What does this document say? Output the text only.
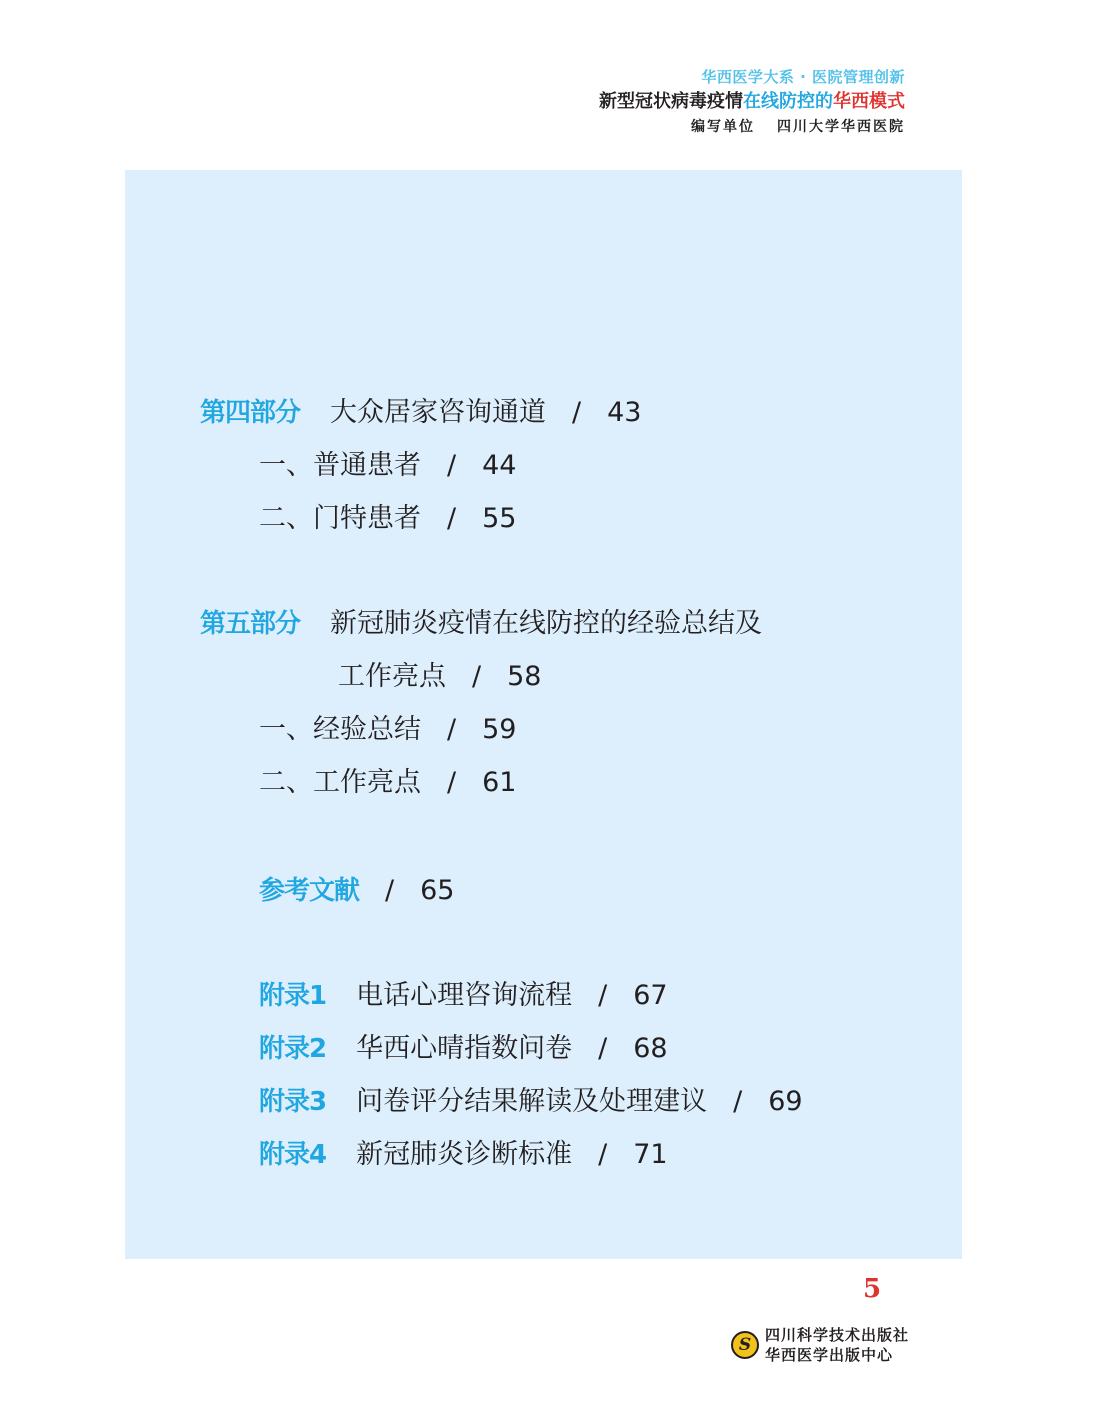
华西医学大系 · 医院管理创新
新型冠状病毒疫情在线防控的华西模式
编写单位 四川大学华西医院
第四部分 大众居家咨询通道 / 43
一、普通患者 / 44
二、门特患者 / 55
第五部分 新冠肺炎疫情在线防控的经验总结及
工作亮点 / 58
一、经验总结 / 59
二、工作亮点 / 61
参考文献 / 65
附录1 电话心理咨询流程 / 67
附录2 华西心晴指数问卷 / 68
附录3 问卷评分结果解读及处理建议 / 69
附录4 新冠肺炎诊断标准 / 71
5
S 四川科学技术出版社
华西医学出版中心
